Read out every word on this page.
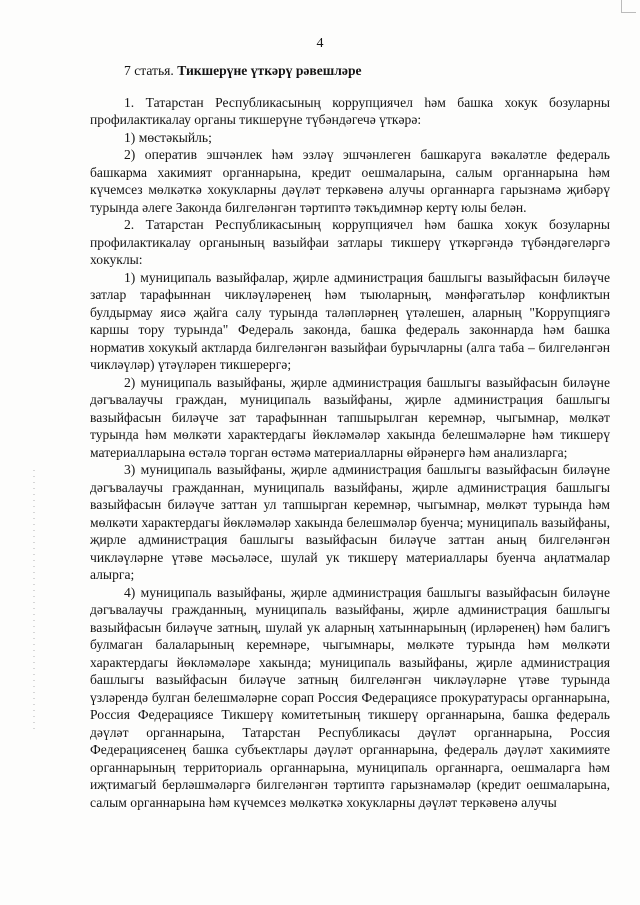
4
7 статья. Тикшерүне үткәрү рәвешләре

1. Татарстан Республикасының коррупциячел һәм башка хокук бозуларны профилактикалау органы тикшерүне түбәндәгечә үткәрә:

1) мөстәкыйль;

2) оператив эшчәнлек һәм эзләү эшчәнлеген башкаруга вәкаләтле федераль башкарма хакимият органнарына, кредит оешмаларына, салым органнарына һәм күчемсез мөлкәткә хокукларны дәүләт теркәвенә алучы органнарга гарызнамә җибәрү турында әлеге Законда билгеләнгән тәртиптә тәкъдимнәр кертү юлы белән.

2. Татарстан Республикасының коррупциячел һәм башка хокук бозуларны профилактикалау органының вазыйфаи затлары тикшерү үткәргәндә түбәндәгеләргә хокуклы:

1) муниципаль вазыйфалар, җирле администрация башлыгы вазыйфасын биләүче затлар тарафыннан чикләүләренең һәм тыюларның, мәнфәгатьләр конфликтын булдырмау яисә җайга салу турында таләпләрнең үтәлешен, аларның "Коррупциягә каршы тору турында" Федераль законда, башка федераль законнарда һәм башка норматив хокукый актларда билгеләнгән вазыйфаи бурычларны (алга таба – билгеләнгән чикләүләр) үтәүләрен тикшерергә;

2) муниципаль вазыйфаны, җирле администрация башлыгы вазыйфасын биләүне дәгъвалаучы граждан, муниципаль вазыйфаны, җирле администрация башлыгы вазыйфасын биләүче зат тарафыннан тапшырылган керемнәр, чыгымнар, мөлкәт турында һәм мөлкәти характердагы йөкләмәләр хакында белешмәләрне һәм тикшерү материалларына өстәлә торган өстәмә материалларны өйрәнергә һәм анализларга;

3) муниципаль вазыйфаны, җирле администрация башлыгы вазыйфасын биләүне дәгъвалаучы гражданнан, муниципаль вазыйфаны, җирле администрация башлыгы вазыйфасын биләүче заттан ул тапшырган керемнәр, чыгымнар, мөлкәт турында һәм мөлкәти характердагы йөкләмәләр хакында белешмәләр буенча; муниципаль вазыйфаны, җирле администрация башлыгы вазыйфасын биләүче заттан аның билгеләнгән чикләүләрне үтәве мәсьәләсе, шулай ук тикшерү материаллары буенча аңлатмалар алырга;

4) муниципаль вазыйфаны, җирле администрация башлыгы вазыйфасын биләүне дәгъвалаучы гражданның, муниципаль вазыйфаны, җирле администрация башлыгы вазыйфасын биләүче затның, шулай ук аларның хатыннарының (ирләренең) һәм балигъ булмаган балаларының керемнәре, чыгымнары, мөлкәте турында һәм мөлкәти характердагы йөкләмәләре хакында; муниципаль вазыйфаны, җирле администрация башлыгы вазыйфасын биләүче затның билгеләнгән чикләүләрне үтәве турында үзләрендә булган белешмәләрне сорап Россия Федерациясе прокуратурасы органнарына, Россия Федерациясе Тикшерү комитетының тикшерү органнарына, башка федераль дәүләт органнарына, Татарстан Республикасы дәүләт органнарына, Россия Федерациясенең башка субъектлары дәүләт органнарына, федераль дәүләт хакимияте органнарының территориаль органнарына, муниципаль органнарга, оешмаларга һәм иҗтимагый берләшмәләргә билгеләнгән тәртиптә гарызнамәләр (кредит оешмаларына, салым органнарына һәм күчемсез мөлкәткә хокукларны дәүләт теркәвенә алучы
